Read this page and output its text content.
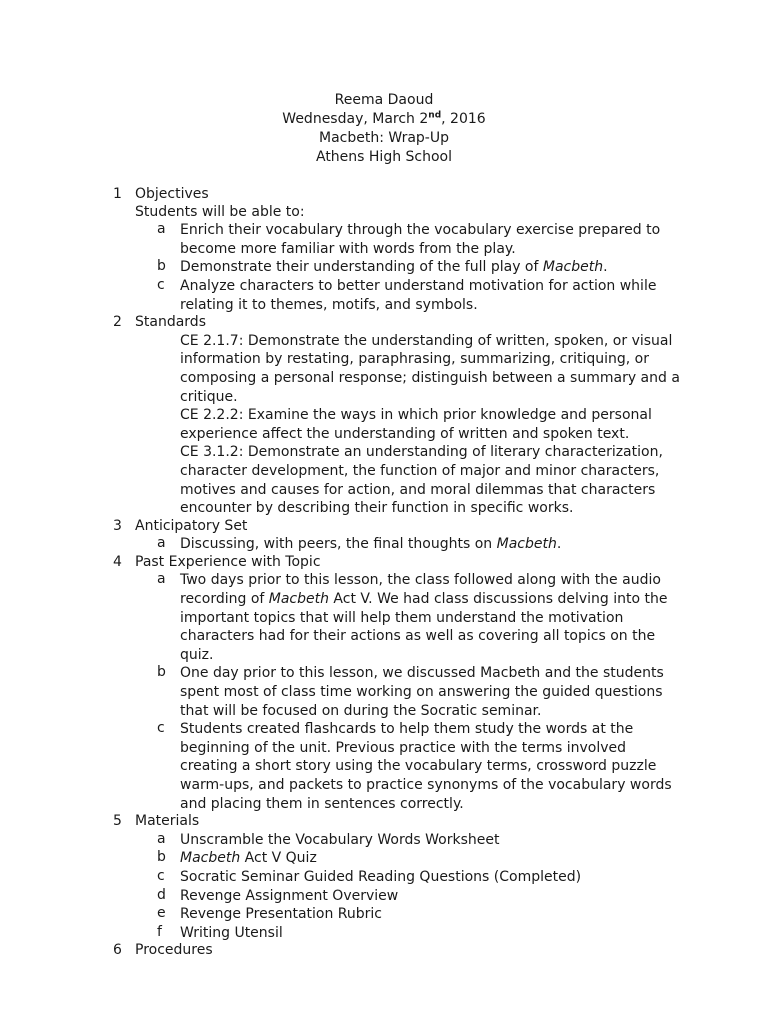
Reema Daoud
Wednesday, March 2nd, 2016
Macbeth: Wrap-Up
Athens High School
1 Objectives
Students will be able to:
a Enrich their vocabulary through the vocabulary exercise prepared to become more familiar with words from the play.
b Demonstrate their understanding of the full play of Macbeth.
c Analyze characters to better understand motivation for action while relating it to themes, motifs, and symbols.
2 Standards
CE 2.1.7: Demonstrate the understanding of written, spoken, or visual information by restating, paraphrasing, summarizing, critiquing, or composing a personal response; distinguish between a summary and a critique.
CE 2.2.2: Examine the ways in which prior knowledge and personal experience affect the understanding of written and spoken text.
CE 3.1.2: Demonstrate an understanding of literary characterization, character development, the function of major and minor characters, motives and causes for action, and moral dilemmas that characters encounter by describing their function in specific works.
3 Anticipatory Set
a Discussing, with peers, the final thoughts on Macbeth.
4 Past Experience with Topic
a Two days prior to this lesson, the class followed along with the audio recording of Macbeth Act V. We had class discussions delving into the important topics that will help them understand the motivation characters had for their actions as well as covering all topics on the quiz.
b One day prior to this lesson, we discussed Macbeth and the students spent most of class time working on answering the guided questions that will be focused on during the Socratic seminar.
c Students created flashcards to help them study the words at the beginning of the unit. Previous practice with the terms involved creating a short story using the vocabulary terms, crossword puzzle warm-ups, and packets to practice synonyms of the vocabulary words and placing them in sentences correctly.
5 Materials
a Unscramble the Vocabulary Words Worksheet
b Macbeth Act V Quiz
c Socratic Seminar Guided Reading Questions (Completed)
d Revenge Assignment Overview
e Revenge Presentation Rubric
f Writing Utensil
6 Procedures
